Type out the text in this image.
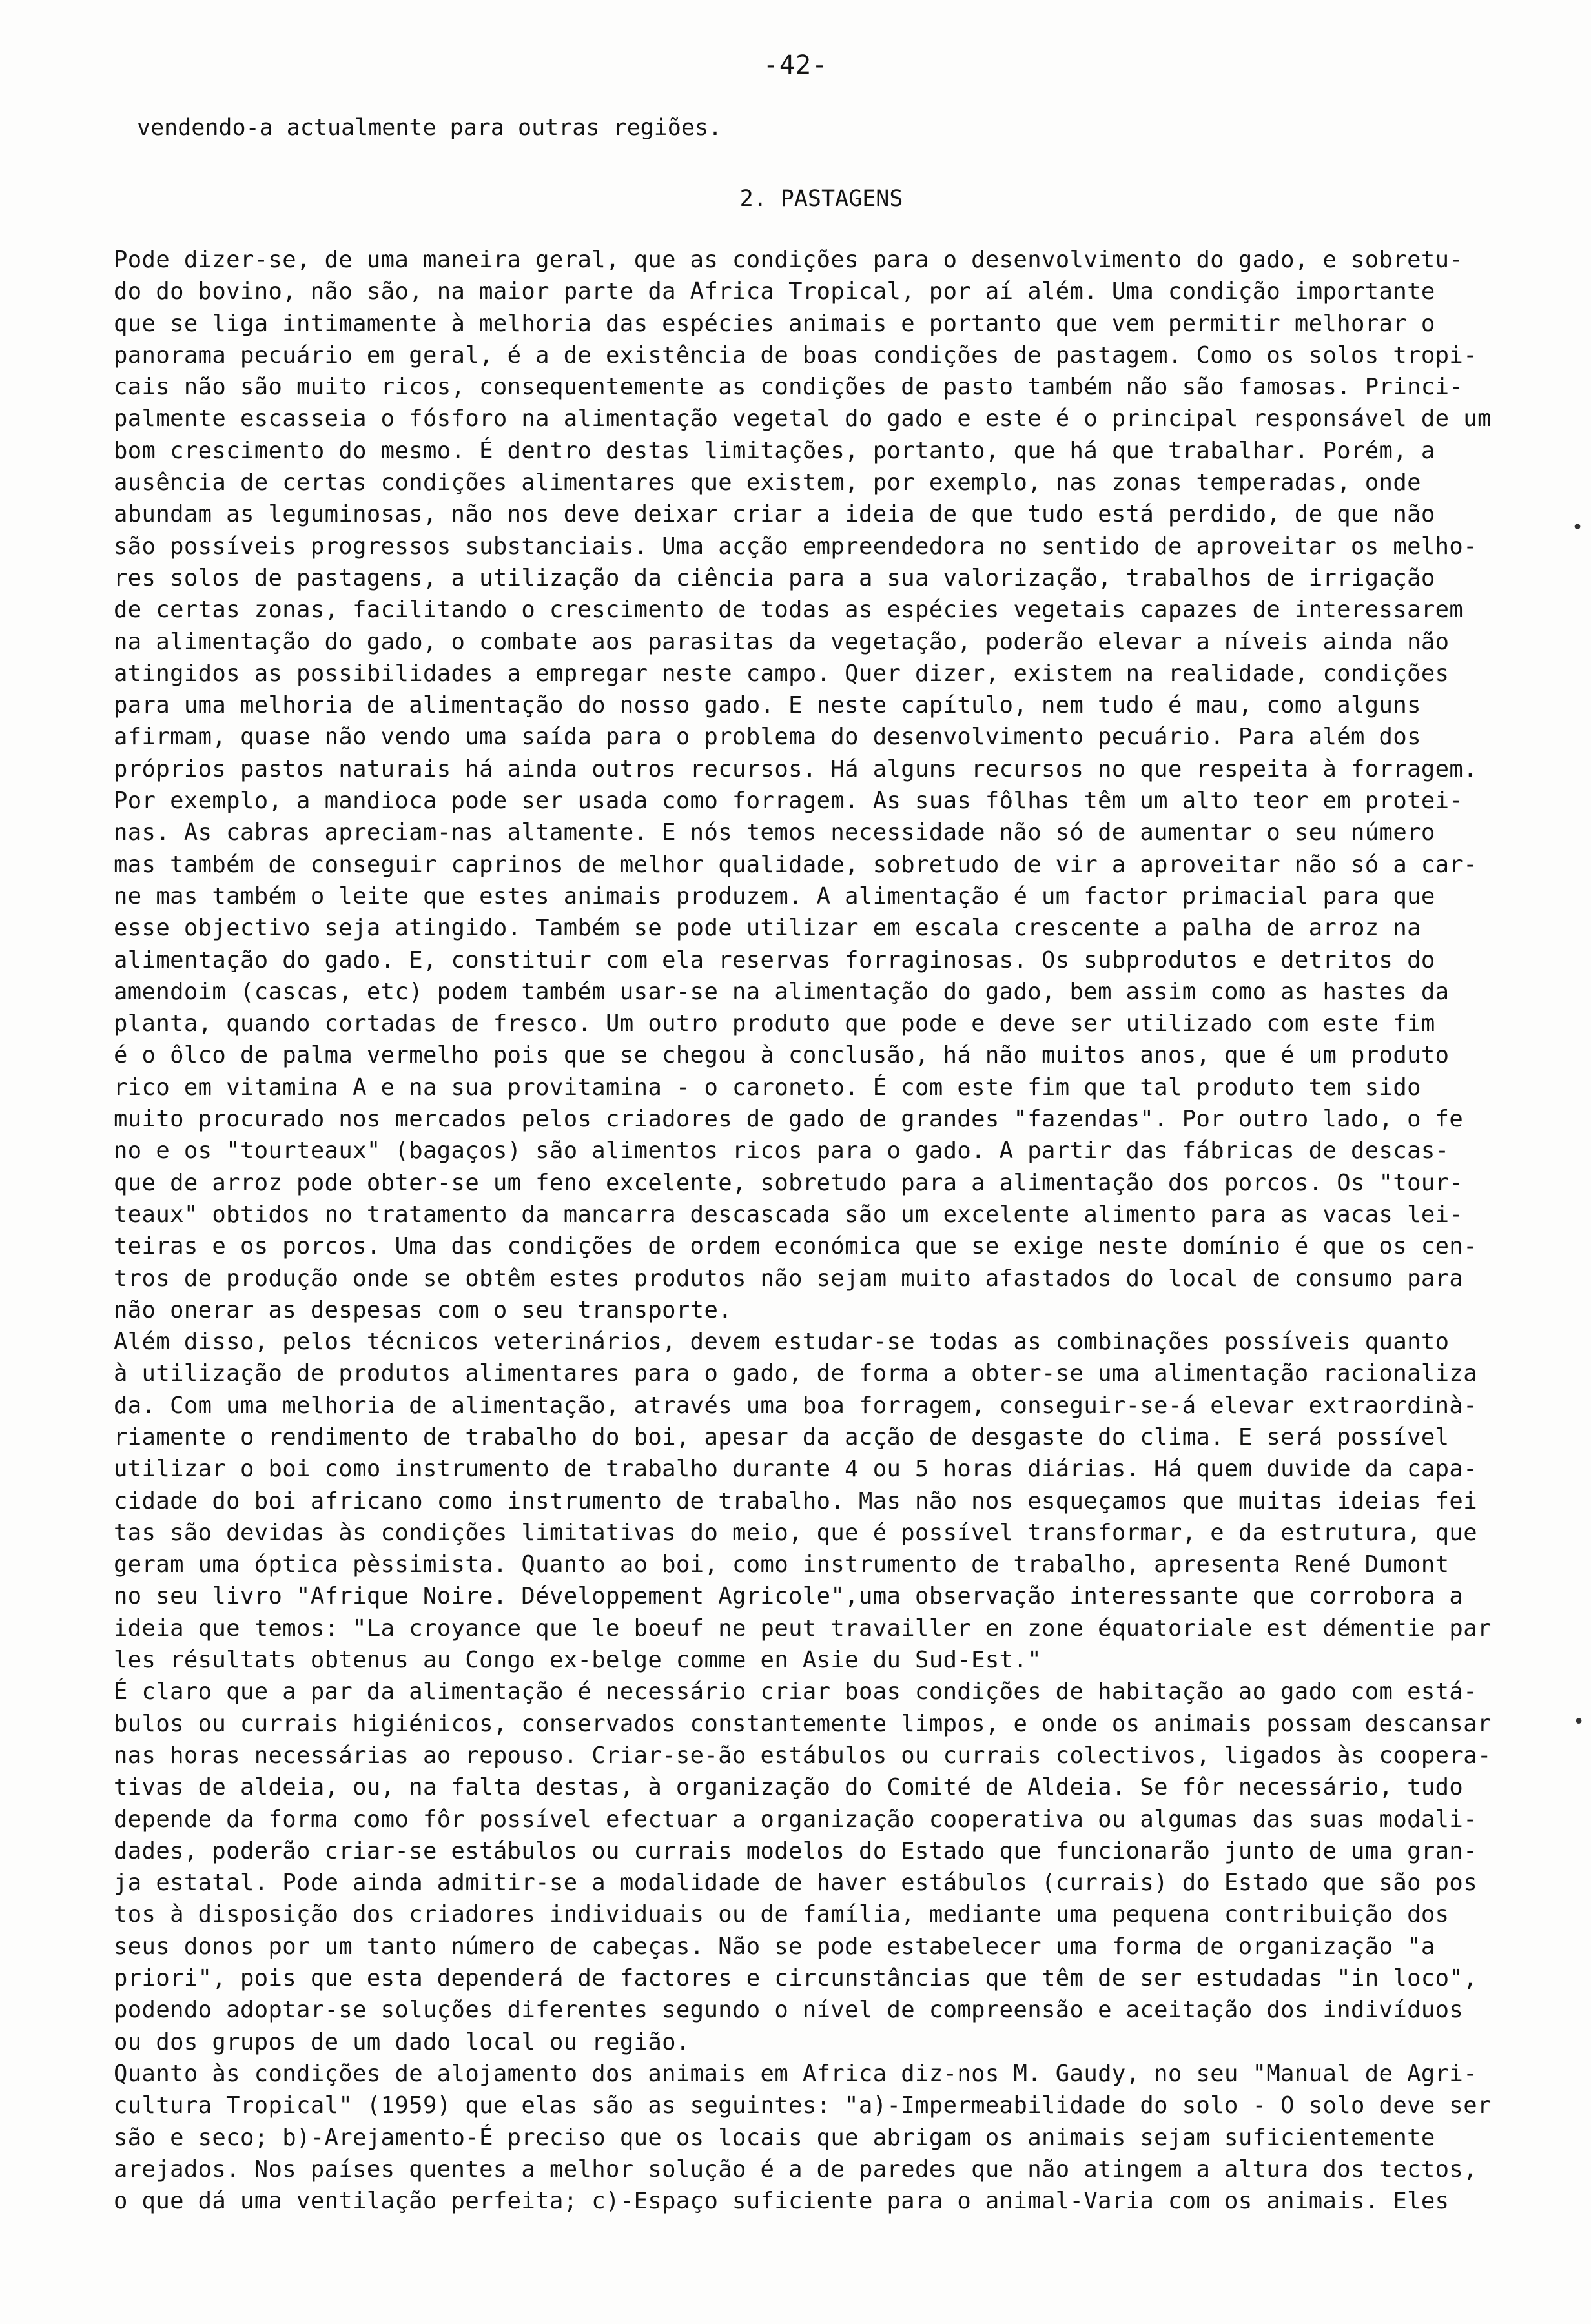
-42-
vendendo-a actualmente para outras regiões.
2. PASTAGENS
Pode dizer-se, de uma maneira geral, que as condições para o desenvolvimento do gado, e sobretu-
do do bovino, não são, na maior parte da Africa Tropical, por aí além. Uma condição importante
que se liga intimamente à melhoria das espécies animais e portanto que vem permitir melhorar o
panorama pecuário em geral, é a de existência de boas condições de pastagem. Como os solos tropi-
cais não são muito ricos, consequentemente as condições de pasto também não são famosas. Princi-
palmente escasseia o fósforo na alimentação vegetal do gado e este é o principal responsável de um
bom crescimento do mesmo. É dentro destas limitações, portanto, que há que trabalhar. Porém, a
ausência de certas condições alimentares que existem, por exemplo, nas zonas temperadas, onde
abundam as leguminosas, não nos deve deixar criar a ideia de que tudo está perdido, de que não
são possíveis progressos substanciais. Uma acção empreendedora no sentido de aproveitar os melho-
res solos de pastagens, a utilização da ciência para a sua valorização, trabalhos de irrigação
de certas zonas, facilitando o crescimento de todas as espécies vegetais capazes de interessarem
na alimentação do gado, o combate aos parasitas da vegetação, poderão elevar a níveis ainda não
atingidos as possibilidades a empregar neste campo. Quer dizer, existem na realidade, condições
para uma melhoria de alimentação do nosso gado. E neste capítulo, nem tudo é mau, como alguns
afirmam, quase não vendo uma saída para o problema do desenvolvimento pecuário. Para além dos
próprios pastos naturais há ainda outros recursos. Há alguns recursos no que respeita à forragem.
Por exemplo, a mandioca pode ser usada como forragem. As suas fôlhas têm um alto teor em protei-
nas. As cabras apreciam-nas altamente. E nós temos necessidade não só de aumentar o seu número
mas também de conseguir caprinos de melhor qualidade, sobretudo de vir a aproveitar não só a car-
ne mas também o leite que estes animais produzem. A alimentação é um factor primacial para que
esse objectivo seja atingido. Também se pode utilizar em escala crescente a palha de arroz na
alimentação do gado. E, constituir com ela reservas forraginosas. Os subprodutos e detritos do
amendoim (cascas, etc) podem também usar-se na alimentação do gado, bem assim como as hastes da
planta, quando cortadas de fresco. Um outro produto que pode e deve ser utilizado com este fim
é o ôlco de palma vermelho pois que se chegou à conclusão, há não muitos anos, que é um produto
rico em vitamina A e na sua provitamina - o caroneto. É com este fim que tal produto tem sido
muito procurado nos mercados pelos criadores de gado de grandes "fazendas". Por outro lado, o fe
no e os "tourteaux" (bagaços) são alimentos ricos para o gado. A partir das fábricas de descas-
que de arroz pode obter-se um feno excelente, sobretudo para a alimentação dos porcos. Os "tour-
teaux" obtidos no tratamento da mancarra descascada são um excelente alimento para as vacas lei-
teiras e os porcos. Uma das condições de ordem económica que se exige neste domínio é que os cen-
tros de produção onde se obtêm estes produtos não sejam muito afastados do local de consumo para
não onerar as despesas com o seu transporte.
Além disso, pelos técnicos veterinários, devem estudar-se todas as combinações possíveis quanto
à utilização de produtos alimentares para o gado, de forma a obter-se uma alimentação racionaliza
da. Com uma melhoria de alimentação, através uma boa forragem, conseguir-se-á elevar extraordinà-
riamente o rendimento de trabalho do boi, apesar da acção de desgaste do clima. E será possível
utilizar o boi como instrumento de trabalho durante 4 ou 5 horas diárias. Há quem duvide da capa-
cidade do boi africano como instrumento de trabalho. Mas não nos esqueçamos que muitas ideias fei
tas são devidas às condições limitativas do meio, que é possível transformar, e da estrutura, que
geram uma óptica pèssimista. Quanto ao boi, como instrumento de trabalho, apresenta René Dumont
no seu livro "Afrique Noire. Développement Agricole",uma observação interessante que corrobora a
ideia que temos: "La croyance que le boeuf ne peut travailler en zone équatoriale est démentie par
les résultats obtenus au Congo ex-belge comme en Asie du Sud-Est."
É claro que a par da alimentação é necessário criar boas condições de habitação ao gado com está-
bulos ou currais higiénicos, conservados constantemente limpos, e onde os animais possam descansar
nas horas necessárias ao repouso. Criar-se-ão estábulos ou currais colectivos, ligados às coopera-
tivas de aldeia, ou, na falta destas, à organização do Comité de Aldeia. Se fôr necessário, tudo
depende da forma como fôr possível efectuar a organização cooperativa ou algumas das suas modali-
dades, poderão criar-se estábulos ou currais modelos do Estado que funcionarão junto de uma gran-
ja estatal. Pode ainda admitir-se a modalidade de haver estábulos (currais) do Estado que são pos
tos à disposição dos criadores individuais ou de família, mediante uma pequena contribuição dos
seus donos por um tanto número de cabeças. Não se pode estabelecer uma forma de organização "a
priori", pois que esta dependerá de factores e circunstâncias que têm de ser estudadas "in loco",
podendo adoptar-se soluções diferentes segundo o nível de compreensão e aceitação dos indivíduos
ou dos grupos de um dado local ou região.
Quanto às condições de alojamento dos animais em Africa diz-nos M. Gaudy, no seu "Manual de Agri-
cultura Tropical" (1959) que elas são as seguintes: "a)-Impermeabilidade do solo - O solo deve ser
são e seco; b)-Arejamento-É preciso que os locais que abrigam os animais sejam suficientemente
arejados. Nos países quentes a melhor solução é a de paredes que não atingem a altura dos tectos,
o que dá uma ventilação perfeita; c)-Espaço suficiente para o animal-Varia com os animais. Eles
•
•
